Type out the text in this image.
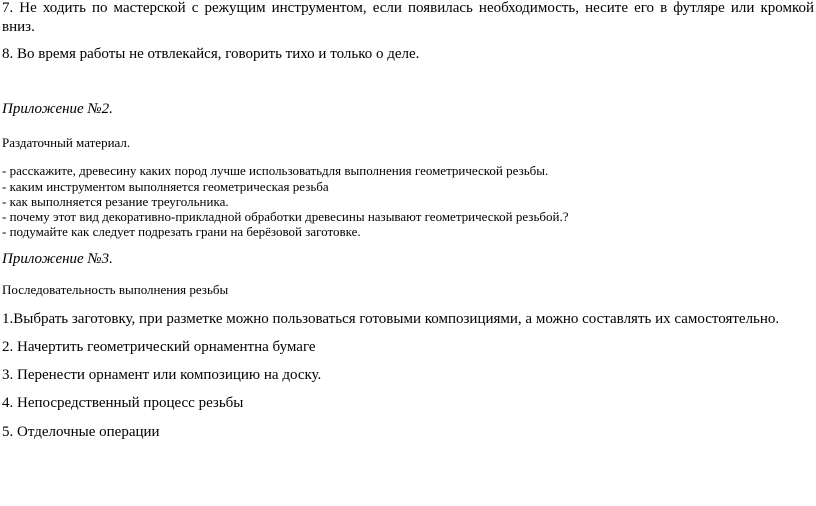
7. Не ходить по мастерской с режущим инструментом, если появилась необходимость, несите его в футляре или кромкой
вниз.
8. Во время работы не отвлекайся, говорить тихо и только о деле.
Приложение №2.
Раздаточный материал.
- расскажите, древесину каких пород лучше использоватьдля выполнения геометрической резьбы.
- каким инструментом выполняется геометрическая резьба
- как выполняется резание треугольника.
- почему этот вид декоративно-прикладной обработки древесины называют геометрической резьбой.?
- подумайте как следует подрезать грани на берёзовой заготовке.
Приложение №3.
Последовательность выполнения резьбы
1.Выбрать заготовку, при разметке можно пользоваться готовыми композициями, а можно составлять их самостоятельно.
2. Начертить геометрический орнаментна бумаге
3. Перенести орнамент или композицию на доску.
4. Непосредственный процесс резьбы
5. Отделочные операции
